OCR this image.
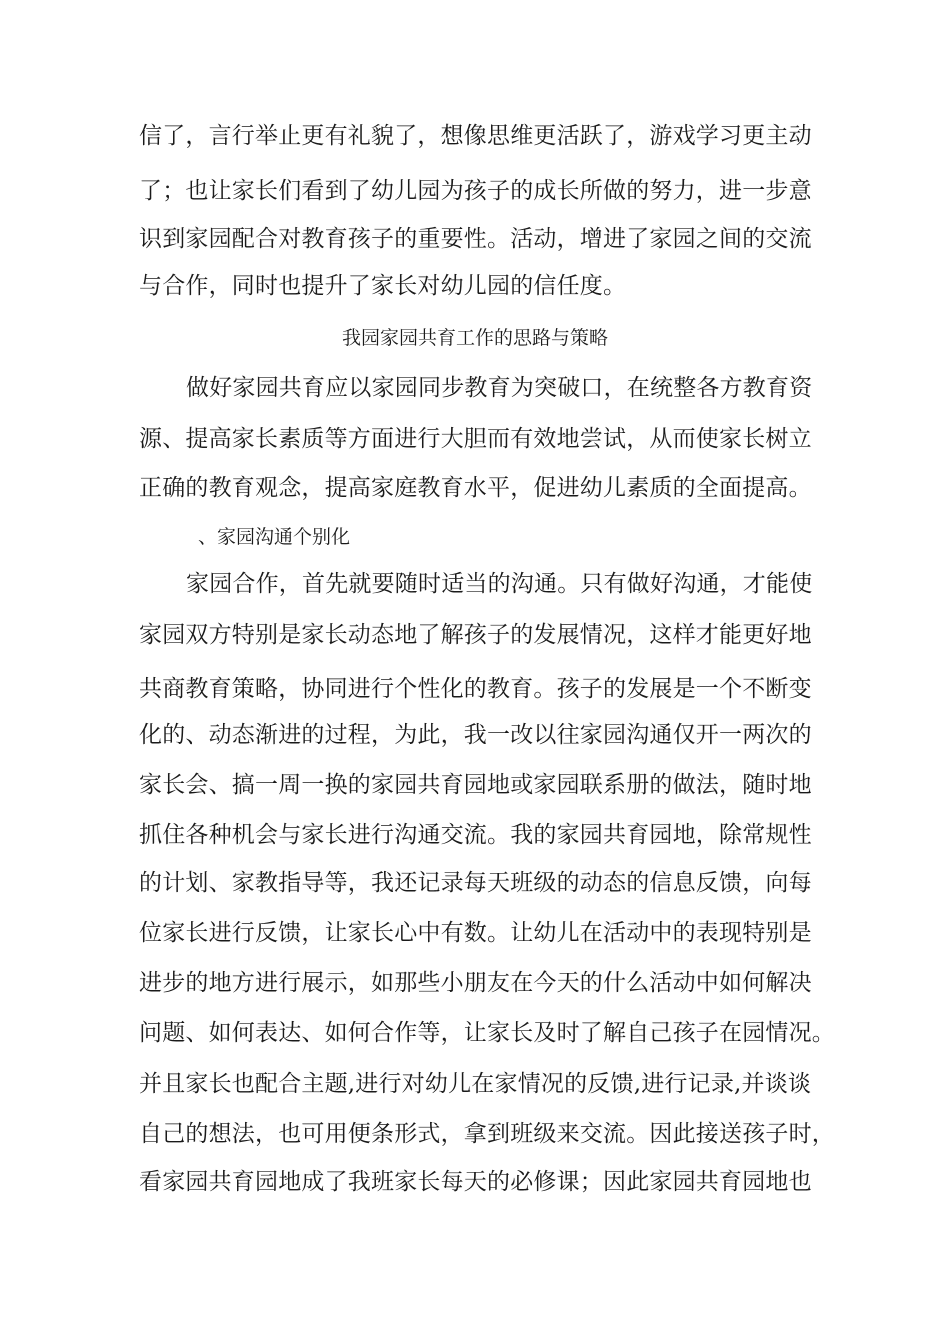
信了，言行举止更有礼貌了，想像思维更活跃了，游戏学习更主动
了；也让家长们看到了幼儿园为孩子的成长所做的努力，进一步意
识到家园配合对教育孩子的重要性。活动，增进了家园之间的交流
与合作，同时也提升了家长对幼儿园的信任度。
我园家园共育工作的思路与策略
做好家园共育应以家园同步教育为突破口，在统整各方教育资
源、提高家长素质等方面进行大胆而有效地尝试，从而使家长树立
正确的教育观念，提高家庭教育水平，促进幼儿素质的全面提高。
、家园沟通个别化
家园合作，首先就要随时适当的沟通。只有做好沟通，才能使
家园双方特别是家长动态地了解孩子的发展情况，这样才能更好地
共商教育策略，协同进行个性化的教育。孩子的发展是一个不断变
化的、动态渐进的过程，为此，我一改以往家园沟通仅开一两次的
家长会、搞一周一换的家园共育园地或家园联系册的做法，随时地
抓住各种机会与家长进行沟通交流。我的家园共育园地，除常规性
的计划、家教指导等，我还记录每天班级的动态的信息反馈，向每
位家长进行反馈，让家长心中有数。让幼儿在活动中的表现特别是
进步的地方进行展示，如那些小朋友在今天的什么活动中如何解决
问题、如何表达、如何合作等，让家长及时了解自己孩子在园情况。
并且家长也配合主题,进行对幼儿在家情况的反馈,进行记录,并谈谈
自己的想法，也可用便条形式，拿到班级来交流。因此接送孩子时，
看家园共育园地成了我班家长每天的必修课；因此家园共育园地也
